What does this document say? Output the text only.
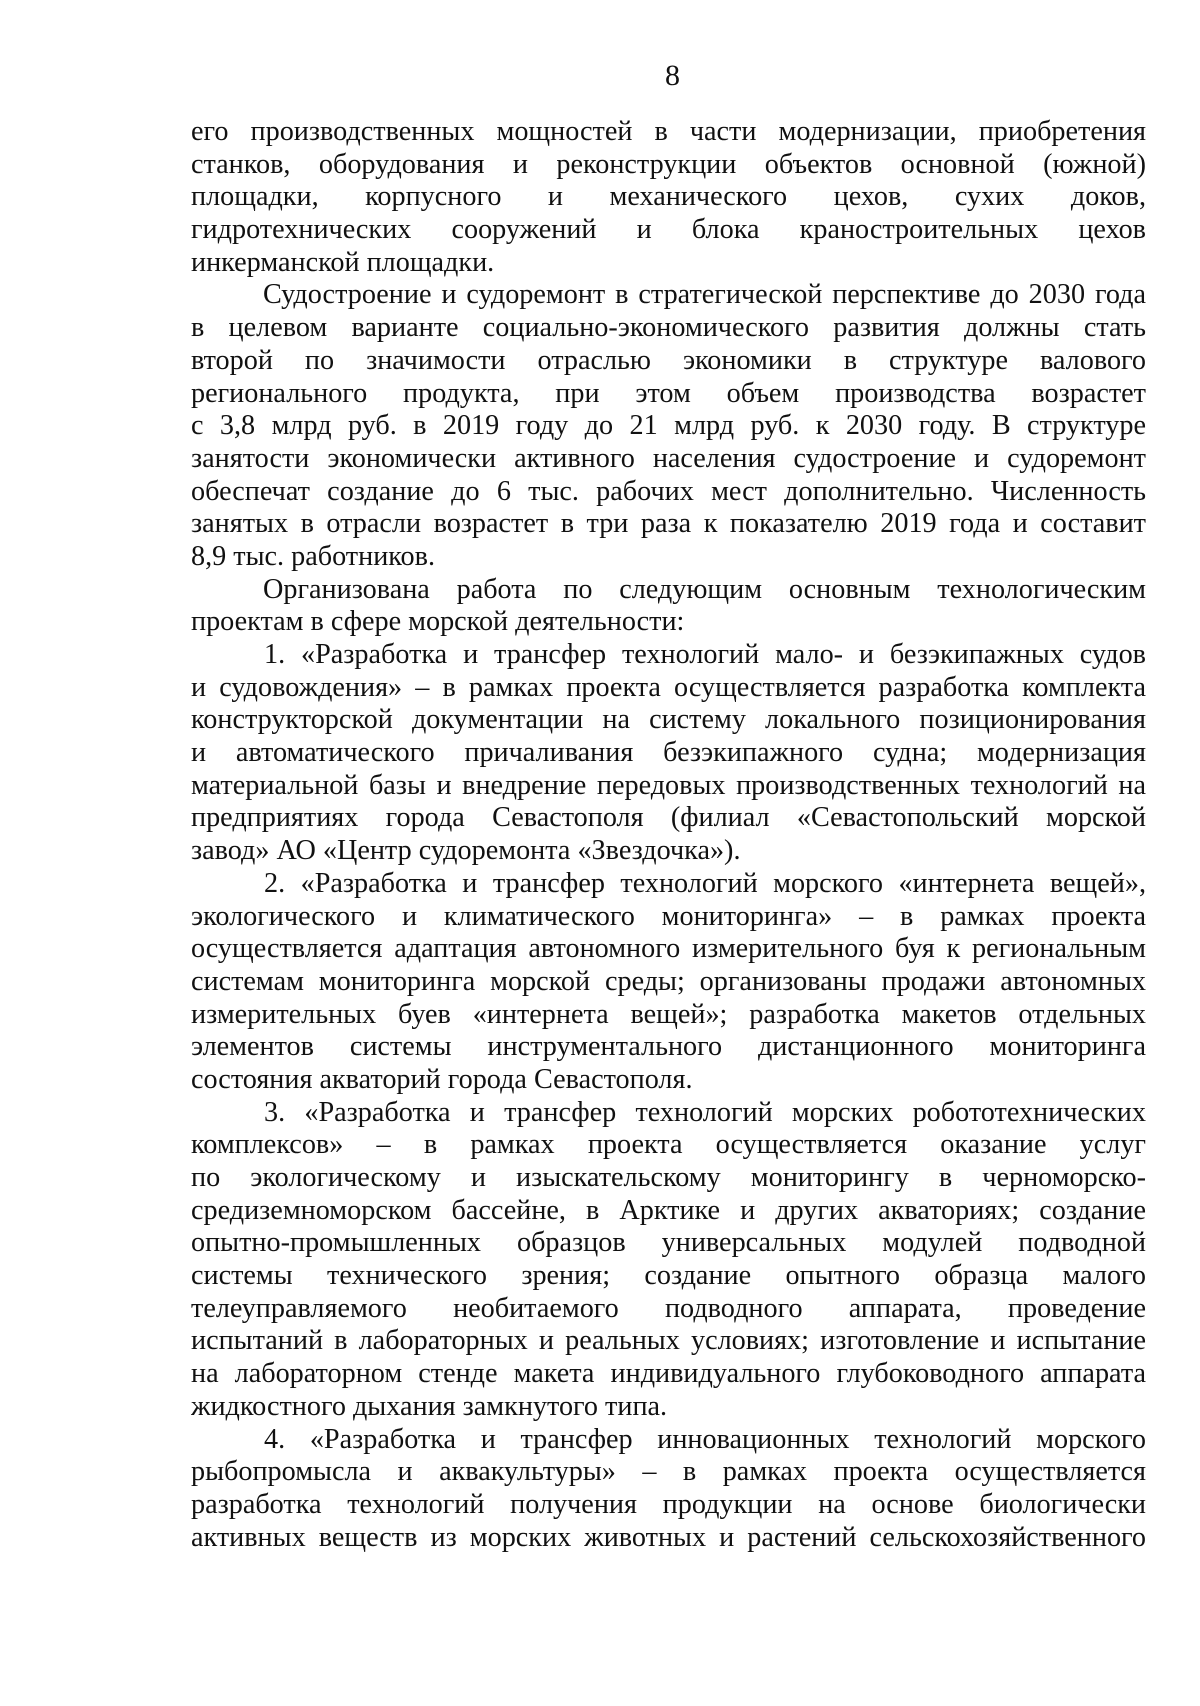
8
его производственных мощностей в части модернизации, приобретения
станков, оборудования и реконструкции объектов основной (южной)
площадки, корпусного и механического цехов, сухих доков,
гидротехнических сооружений и блока краностроительных цехов
инкерманской площадки.
Судостроение и судоремонт в стратегической перспективе до 2030 года
в целевом варианте социально-экономического развития должны стать
второй по значимости отраслью экономики в структуре валового
регионального продукта, при этом объем производства возрастет
с 3,8 млрд руб. в 2019 году до 21 млрд руб. к 2030 году. В структуре
занятости экономически активного населения судостроение и судоремонт
обеспечат создание до 6 тыс. рабочих мест дополнительно. Численность
занятых в отрасли возрастет в три раза к показателю 2019 года и составит
8,9 тыс. работников.
Организована работа по следующим основным технологическим
проектам в сфере морской деятельности:
1. «Разработка и трансфер технологий мало- и безэкипажных судов
и судовождения» – в рамках проекта осуществляется разработка комплекта
конструкторской документации на систему локального позиционирования
и автоматического причаливания безэкипажного судна; модернизация
материальной базы и внедрение передовых производственных технологий на
предприятиях города Севастополя (филиал «Севастопольский морской
завод» АО «Центр судоремонта «Звездочка»).
2. «Разработка и трансфер технологий морского «интернета вещей»,
экологического и климатического мониторинга» – в рамках проекта
осуществляется адаптация автономного измерительного буя к региональным
системам мониторинга морской среды; организованы продажи автономных
измерительных буев «интернета вещей»; разработка макетов отдельных
элементов системы инструментального дистанционного мониторинга
состояния акваторий города Севастополя.
3. «Разработка и трансфер технологий морских робототехнических
комплексов» – в рамках проекта осуществляется оказание услуг
по экологическому и изыскательскому мониторингу в черноморско-
средиземноморском бассейне, в Арктике и других акваториях; создание
опытно-промышленных образцов универсальных модулей подводной
системы технического зрения; создание опытного образца малого
телеуправляемого необитаемого подводного аппарата, проведение
испытаний в лабораторных и реальных условиях; изготовление и испытание
на лабораторном стенде макета индивидуального глубоководного аппарата
жидкостного дыхания замкнутого типа.
4. «Разработка и трансфер инновационных технологий морского
рыбопромысла и аквакультуры» – в рамках проекта осуществляется
разработка технологий получения продукции на основе биологически
активных веществ из морских животных и растений сельскохозяйственного
